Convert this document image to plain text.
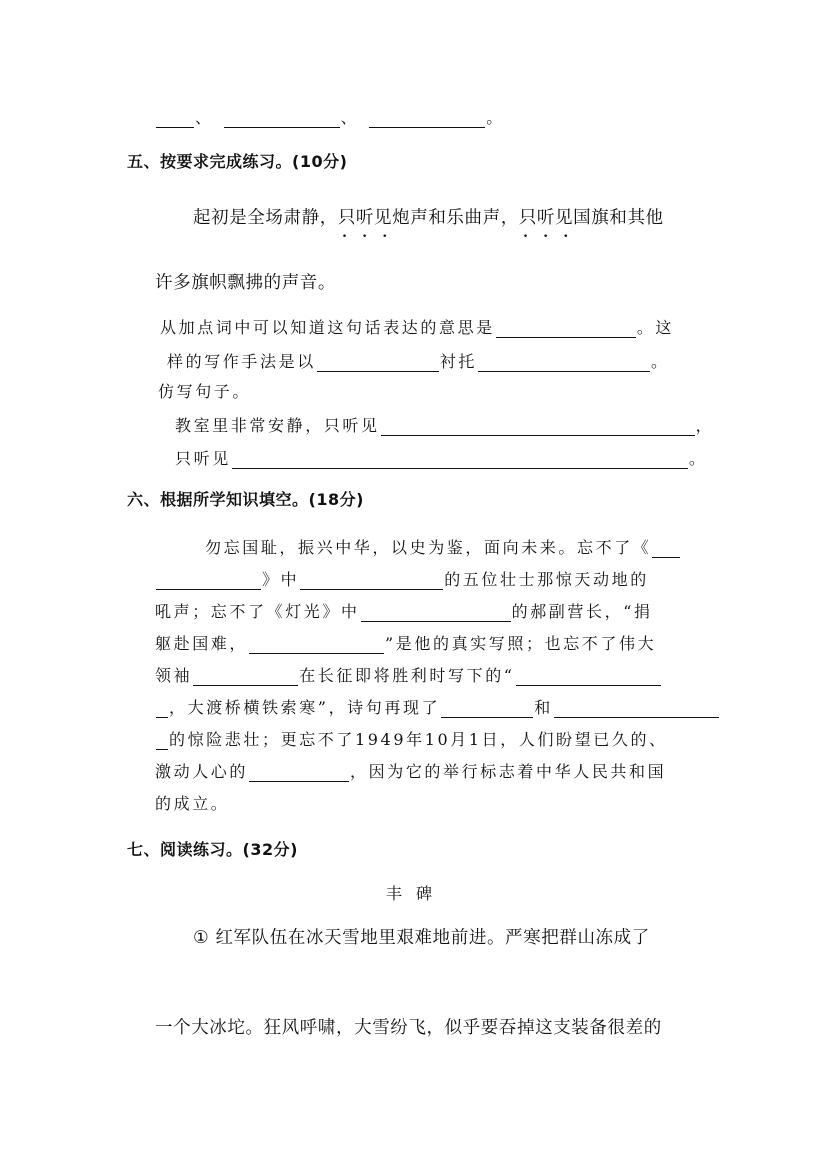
、	、	。
五、按要求完成练习。(10分)
起初是全场肃静， 只听见 • • • 炮声和乐曲声， 只听见 • • • 国旗和其他
许多旗帜飘拂的声音。
从加点词中可以知道这句话表达的意思是	。这
样的写作手法是以	衬托	。
仿写句子。
教室里非常安静，只听见	，
只听见	。
六、根据所学知识填空。(18分)
勿忘国耻，振兴中华，以史为鉴，面向未来。忘不了《
》中	的五位壮士那惊天动地的
吼声；忘不了《灯光》中	的郝副营长，“捐
躯赴国难，	”是他的真实写照；也忘不了伟大
领袖	在长征即将胜利时写下的“
，大渡桥横铁索寒”，诗句再现了	和
的惊险悲壮；更忘不了1949年10月1日，人们盼望已久的、
激动人心的	，因为它的举行标志着中华人民共和国
的成立。
七、阅读练习。(32分)
丰碑
① 红军队伍在冰天雪地里艰难地前进。严寒把群山冻成了
一个大冰坨。狂风呼啸，大雪纷飞，似乎要吞掉这支装备很差的
